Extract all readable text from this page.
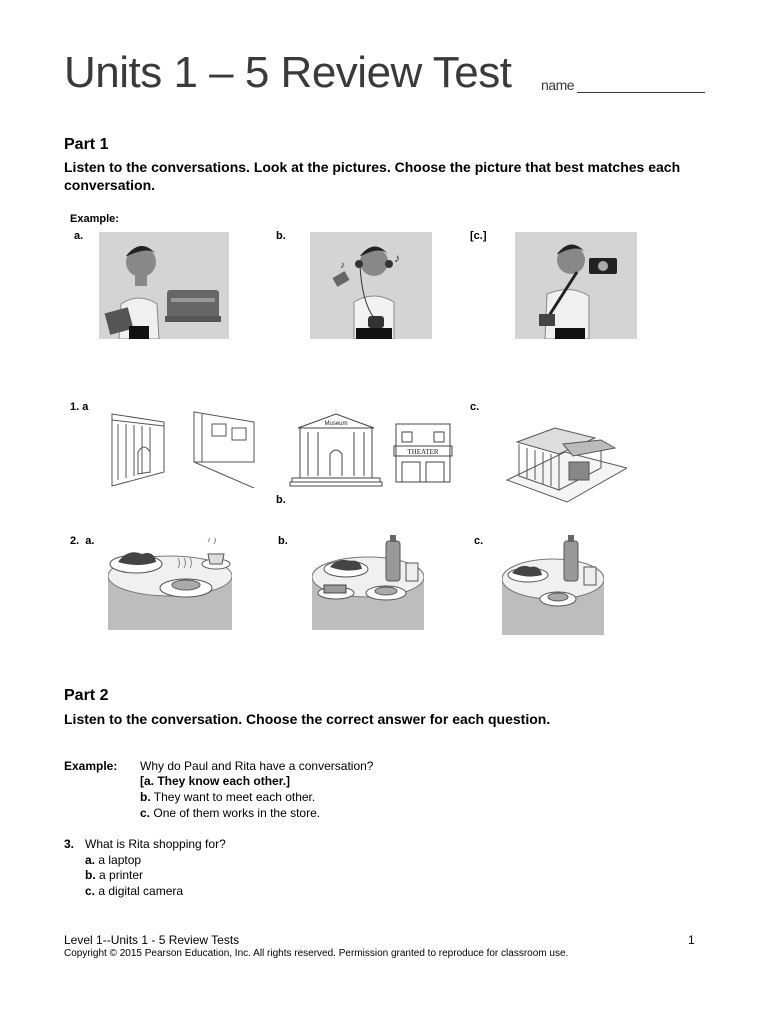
Units 1 – 5 Review Test name
Part 1
Listen to the conversations. Look at the pictures. Choose the picture that best matches each conversation.
Example:
a.	b.	[c.]
♪
♪
1. a
b.
c.
Museum
THEATER
2.  a.	b.	c.
Part 2
Listen to the conversation. Choose the correct answer for each question.
Example: Why do Paul and Rita have a conversation?
[a. They know each other.]
b. They want to meet each other.
c. One of them works in the store.
3. What is Rita shopping for?
a. a laptop
b. a printer
c. a digital camera
Level 1--Units 1 - 5 Review Tests	1
Copyright © 2015 Pearson Education, Inc. All rights reserved. Permission granted to reproduce for classroom use.
